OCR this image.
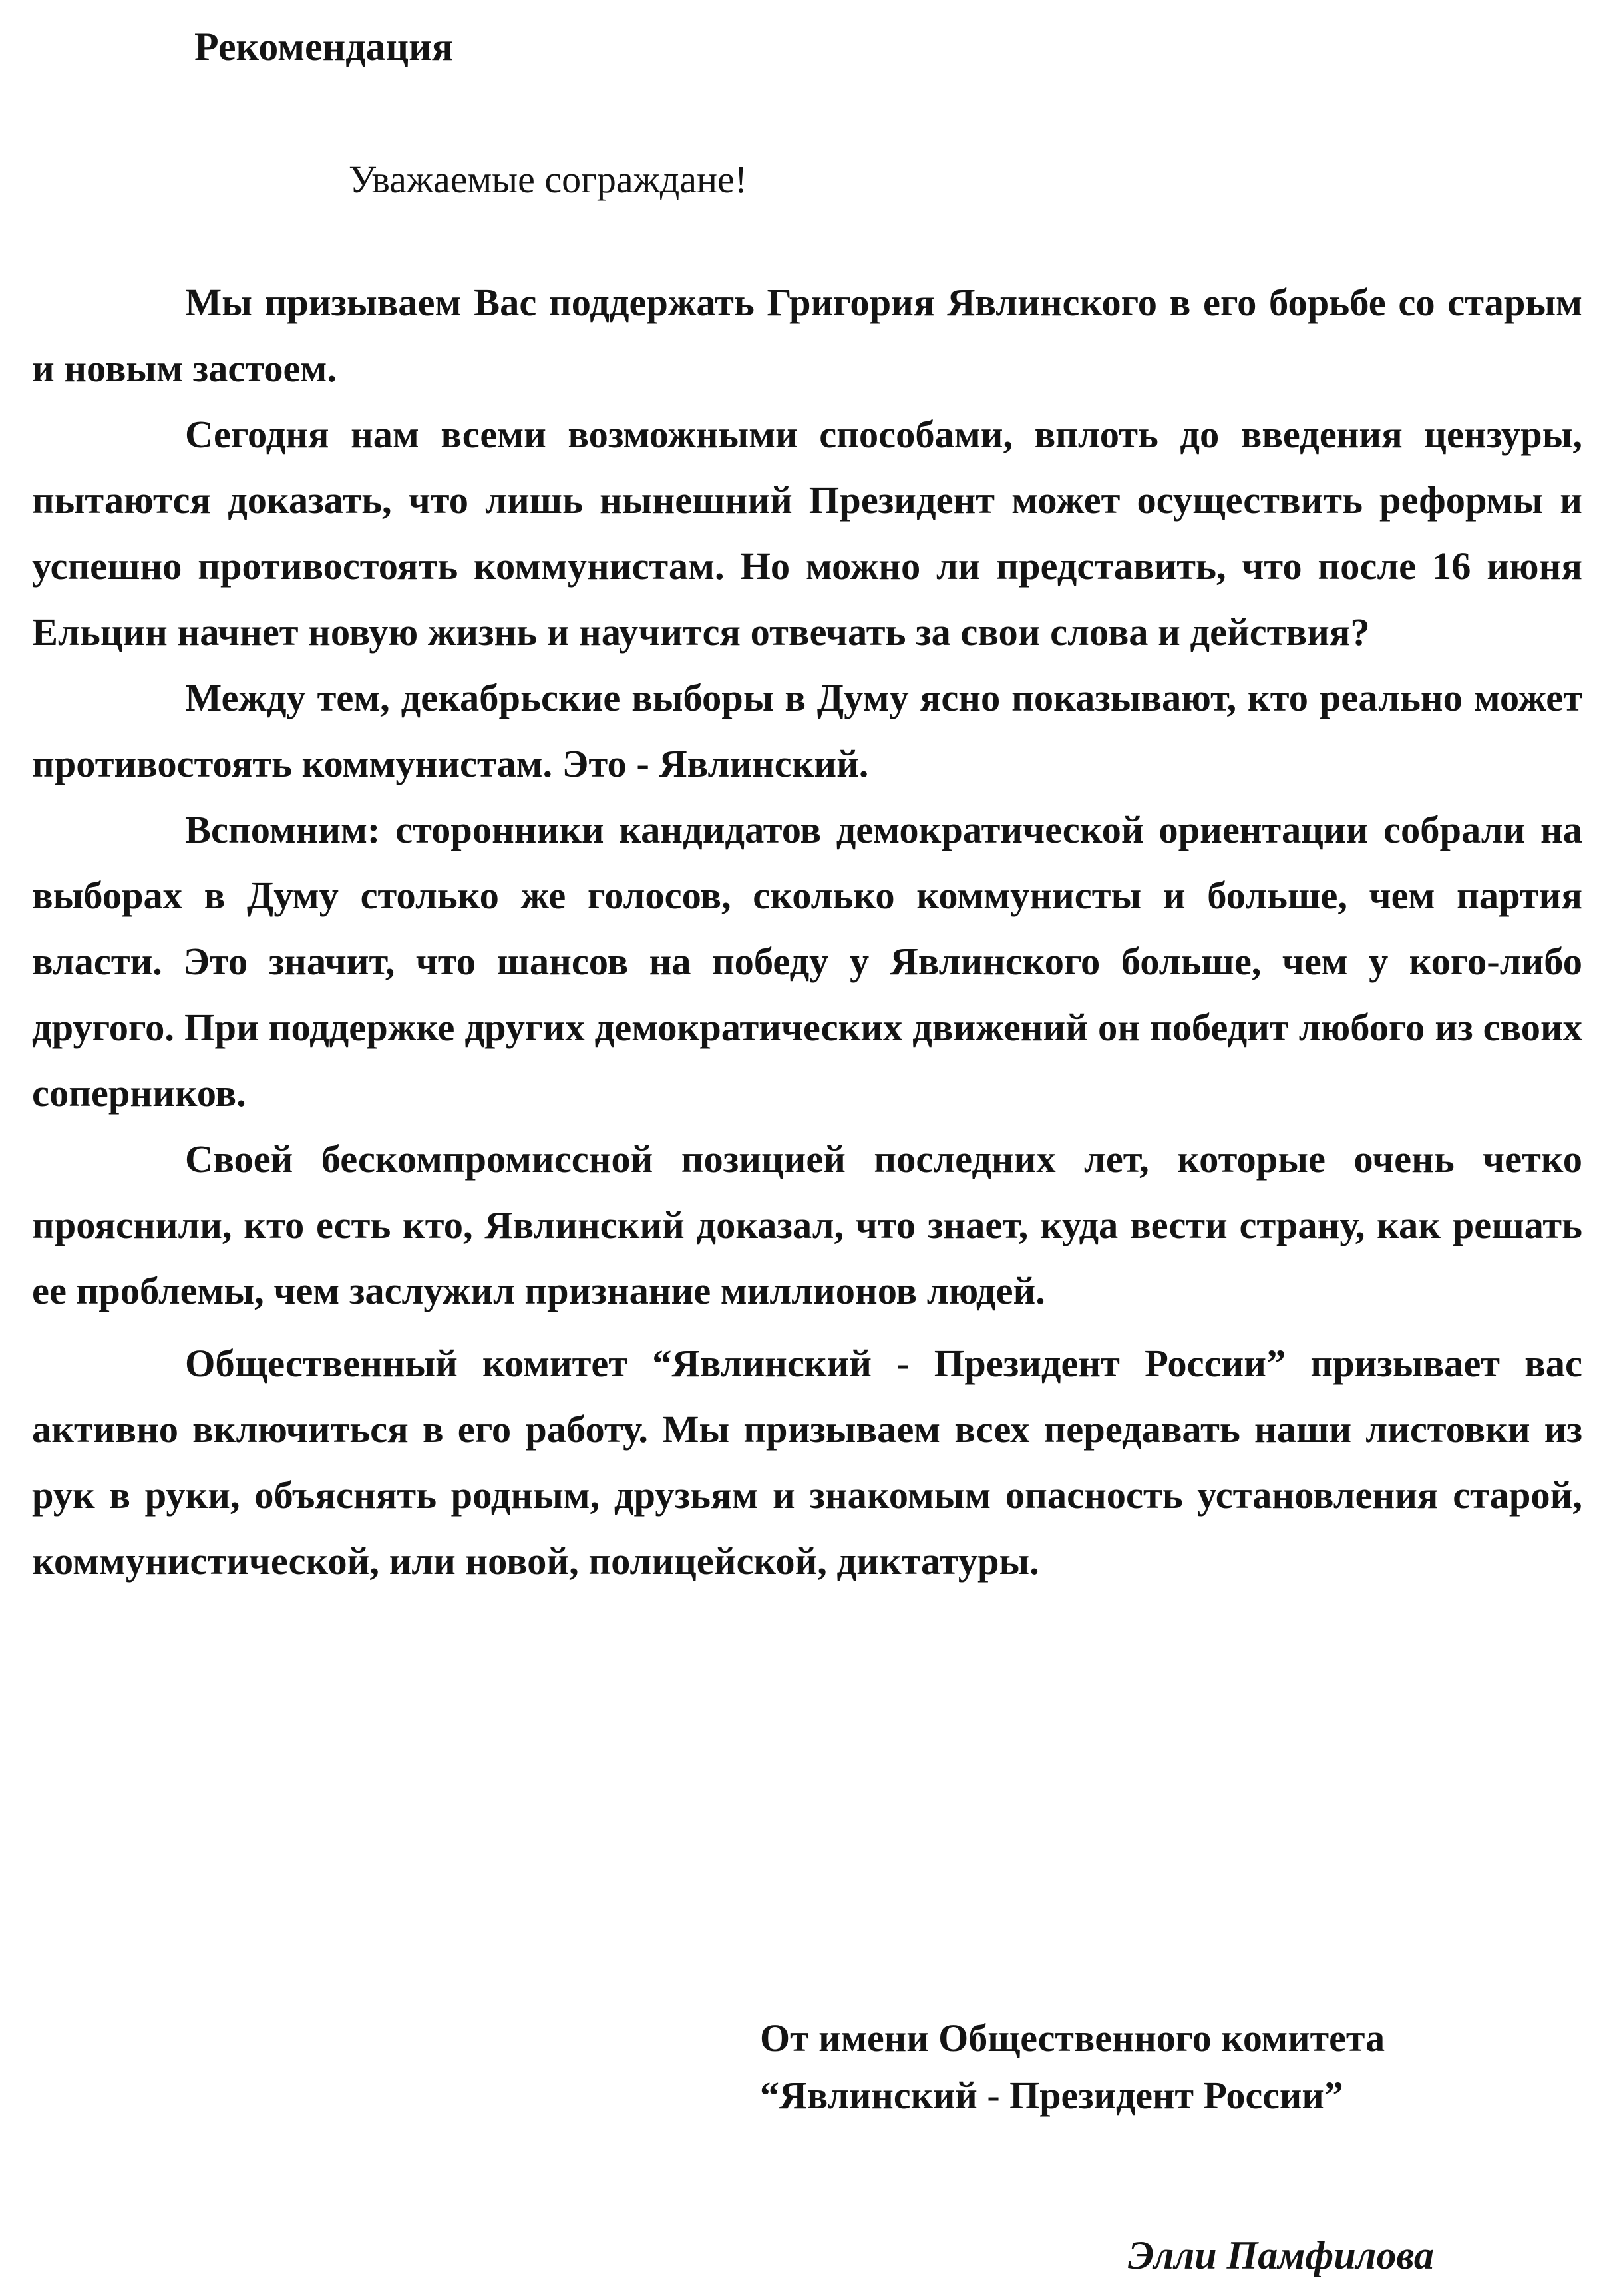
Рекомендация

Уважаемые сограждане!

Мы призываем Вас поддержать Григория Явлинского в его борьбе со старым и новым застоем.

Сегодня нам всеми возможными способами, вплоть до введения цензуры, пытаются доказать, что лишь нынешний Президент может осуществить реформы и успешно противостоять коммунистам. Но можно ли представить, что после 16 июня Ельцин начнет новую жизнь и научится отвечать за свои слова и действия?

Между тем, декабрьские выборы в Думу ясно показывают, кто реально может противостоять коммунистам. Это - Явлинский.

Вспомним: сторонники кандидатов демократической ориентации собрали на выборах в Думу столько же голосов, сколько коммунисты и больше, чем партия власти. Это значит, что шансов на победу у Явлинского больше, чем у кого-либо другого. При поддержке других демократических движений он победит любого из своих соперников.

Своей бескомпромиссной позицией последних лет, которые очень четко прояснили, кто есть кто, Явлинский доказал, что знает, куда вести страну, как решать ее проблемы, чем заслужил признание миллионов людей.

Общественный комитет “Явлинский - Президент России” призывает вас активно включиться в его работу. Мы призываем всех передавать наши листовки из рук в руки, объяснять родным, друзьям и знакомым опасность установления старой, коммунистической, или новой, полицейской, диктатуры.

От имени Общественного комитета
“Явлинский - Президент России”
Элли Памфилова
